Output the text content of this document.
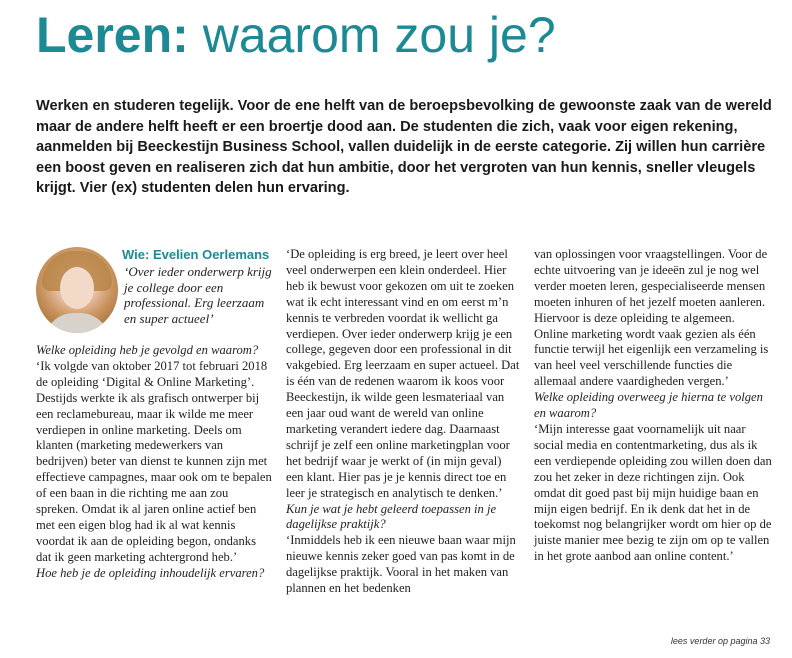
Leren: waarom zou je?

Werken en studeren tegelijk. Voor de ene helft van de beroepsbevolking de gewoonste zaak van de wereld maar de andere helft heeft er een broertje dood aan. De studenten die zich, vaak voor eigen rekening, aanmelden bij Beeckestijn Business School, vallen duidelijk in de eerste categorie. Zij willen hun carrière een boost geven en realiseren zich dat hun ambitie, door het vergroten van hun kennis, sneller vleugels krijgt. Vier (ex) studenten delen hun ervaring.

Wie: Evelien Oerlemans
‘Over ieder onderwerp krijg je college door een professional. Erg leerzaam en super actueel’

Welke opleiding heb je gevolgd en waarom?

‘Ik volgde van oktober 2017 tot februari 2018 de opleiding ‘Digital & Online Marketing’. Destijds werkte ik als grafisch ontwerper bij een reclamebureau, maar ik wilde me meer verdiepen in online marketing. Deels om klanten (marketing medewerkers van bedrijven) beter van dienst te kunnen zijn met effectieve campagnes, maar ook om te bepalen of een baan in die richting me aan zou spreken. Omdat ik al jaren online actief ben met een eigen blog had ik al wat kennis voordat ik aan de opleiding begon, ondanks dat ik geen marketing achtergrond heb.’

Hoe heb je de opleiding inhoudelijk ervaren?

‘De opleiding is erg breed, je leert over heel veel onderwerpen een klein onderdeel. Hier heb ik bewust voor gekozen om uit te zoeken wat ik echt interessant vind en om eerst m’n kennis te verbreden voordat ik wellicht ga verdiepen. Over ieder onderwerp krijg je een college, gegeven door een professional in dit vakgebied. Erg leerzaam en super actueel. Dat is één van de redenen waarom ik koos voor Beeckestijn, ik wilde geen lesmateriaal van een jaar oud want de wereld van online marketing verandert iedere dag. Daarnaast schrijf je zelf een online marketingplan voor het bedrijf waar je werkt of (in mijn geval) een klant. Hier pas je je kennis direct toe en leer je strategisch en analytisch te denken.’

Kun je wat je hebt geleerd toepassen in je dagelijkse praktijk?

‘Inmiddels heb ik een nieuwe baan waar mijn nieuwe kennis zeker goed van pas komt in de dagelijkse praktijk. Vooral in het maken van plannen en het bedenken

van oplossingen voor vraagstellingen. Voor de echte uitvoering van je ideeën zul je nog wel verder moeten leren, gespecialiseerde mensen moeten inhuren of het jezelf moeten aanleren. Hiervoor is deze opleiding te algemeen. Online marketing wordt vaak gezien als één functie terwijl het eigenlijk een verzameling is van heel veel verschillende functies die allemaal andere vaardigheden vergen.’

Welke opleiding overweeg je hierna te volgen en waarom?

‘Mijn interesse gaat voornamelijk uit naar social media en contentmarketing, dus als ik een verdiepende opleiding zou willen doen dan zou het zeker in deze richtingen zijn. Ook omdat dit goed past bij mijn huidige baan en mijn eigen bedrijf. En ik denk dat het in de toekomst nog belangrijker wordt om hier op de juiste manier mee bezig te zijn om op te vallen in het grote aanbod aan online content.’

lees verder op pagina 33
